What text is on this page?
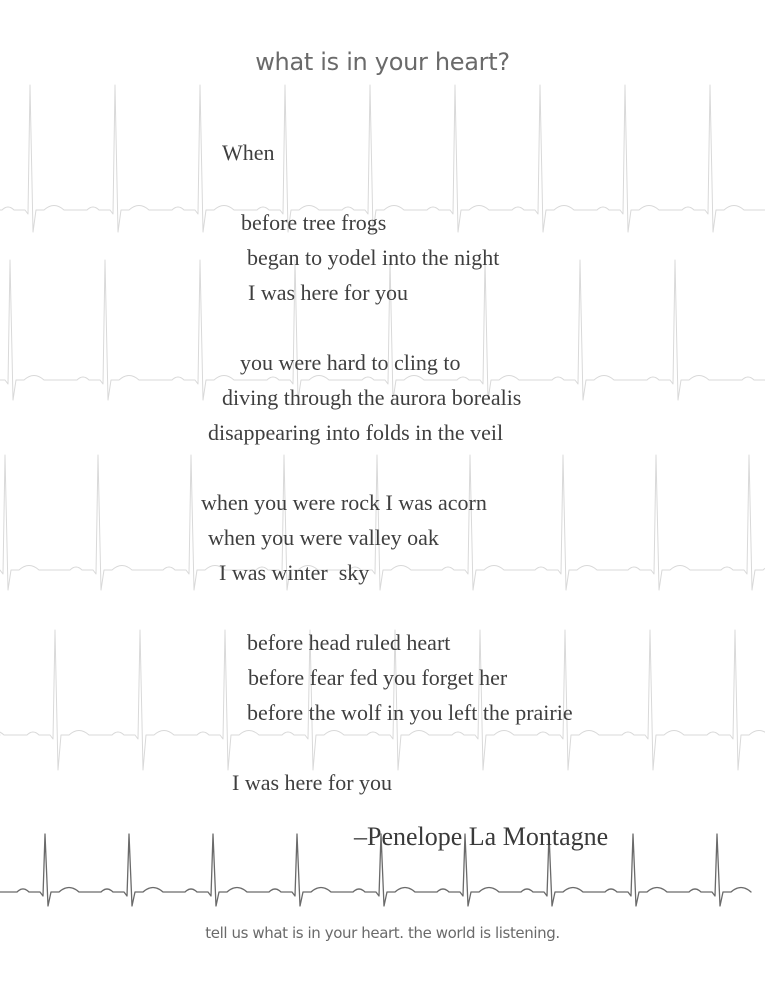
what is in your heart?
When
before tree frogs
began to yodel into the night
I was here for you
you were hard to cling to
diving through the aurora borealis
disappearing into folds in the veil
when you were rock I was acorn
when you were valley oak
I was winter  sky
before head ruled heart
before fear fed you forget her
before the wolf in you left the prairie
I was here for you
–Penelope La Montagne
tell us what is in your heart. the world is listening.
